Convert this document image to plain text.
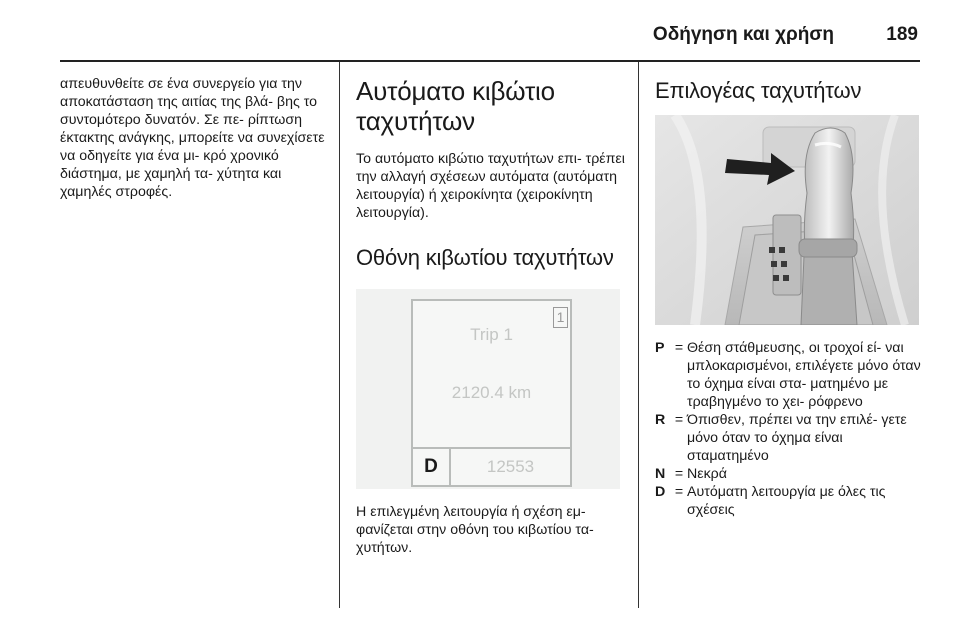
Οδήγηση και χρήση	189

απευθυνθείτε σε ένα συνεργείο για την αποκατάσταση της αιτίας της βλά- βης το συντομότερο δυνατόν. Σε πε- ρίπτωση έκτακτης ανάγκης, μπορείτε να συνεχίσετε να οδηγείτε για ένα μι- κρό χρονικό διάστημα, με χαμηλή τα- χύτητα και χαμηλές στροφές.

Αυτόματο κιβώτιο ταχυτήτων

Το αυτόματο κιβώτιο ταχυτήτων επι- τρέπει την αλλαγή σχέσεων αυτόματα (αυτόματη λειτουργία) ή χειροκίνητα (χειροκίνητη λειτουργία).

Οθόνη κιβωτίου ταχυτήτων
1
Trip 1
2120.4 km
D	12553

Η επιλεγμένη λειτουργία ή σχέση εμ- φανίζεται στην οθόνη του κιβωτίου τα- χυτήτων.

Επιλογέας ταχυτήτων
P = Θέση στάθμευσης, οι τροχοί εί- ναι μπλοκαρισμένοι, επιλέγετε μόνο όταν το όχημα είναι στα- ματημένο με τραβηγμένο το χει- ρόφρενο
R = Όπισθεν, πρέπει να την επιλέ- γετε μόνο όταν το όχημα είναι σταματημένο
N = Νεκρά
D = Αυτόματη λειτουργία με όλες τις σχέσεις
